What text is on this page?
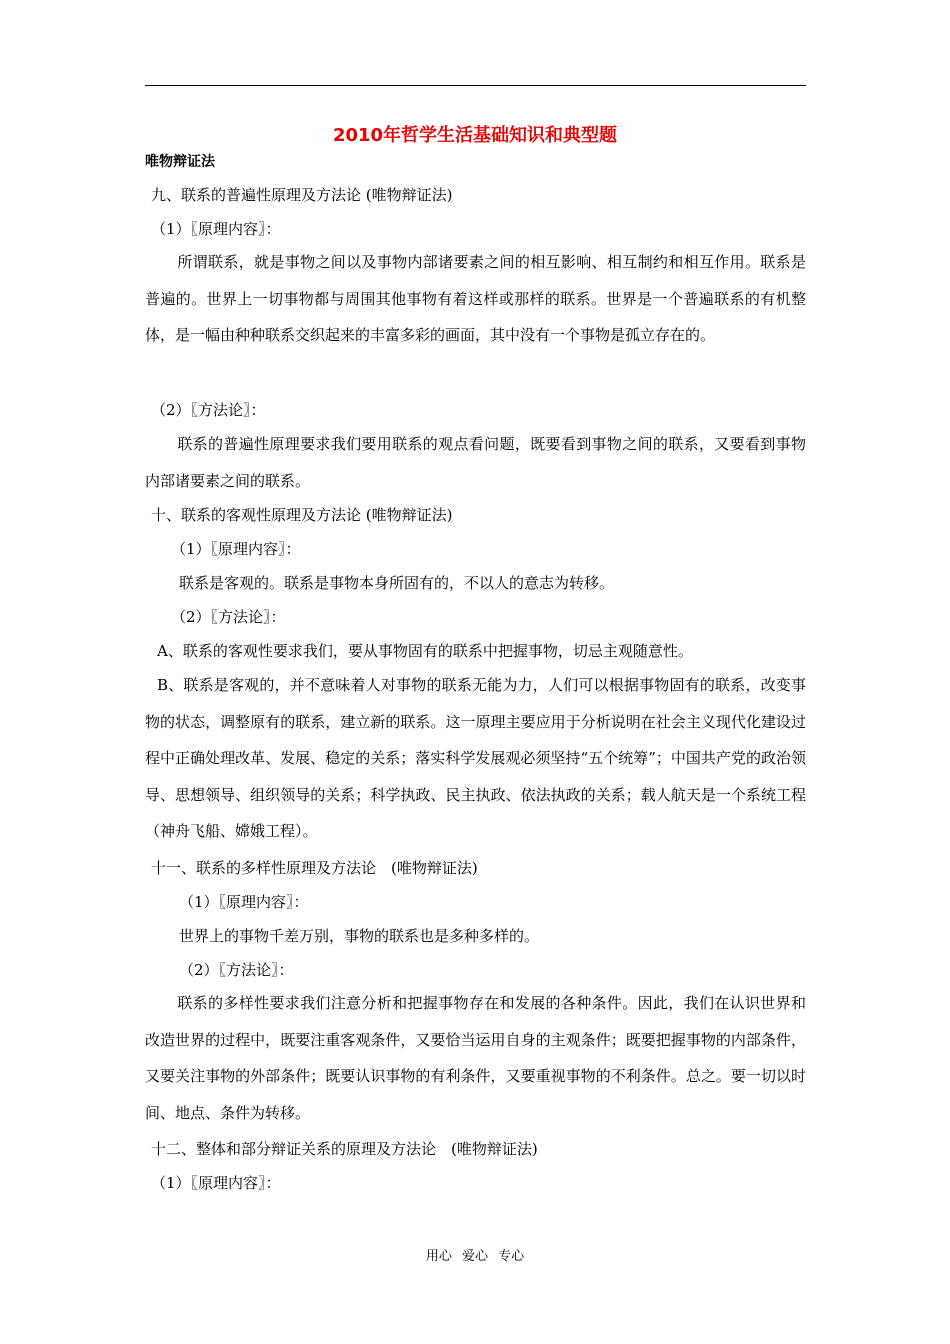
2010年哲学生活基础知识和典型题
唯物辩证法
九、联系的普遍性原理及方法论 (唯物辩证法)
（1）〖原理内容〗：
所谓联系，就是事物之间以及事物内部诸要素之间的相互影响、相互制约和相互作用。联系是普遍的。世界上一切事物都与周围其他事物有着这样或那样的联系。世界是一个普遍联系的有机整体，是一幅由种种联系交织起来的丰富多彩的画面，其中没有一个事物是孤立存在的。
（2）〖方法论〗：
联系的普遍性原理要求我们要用联系的观点看问题，既要看到事物之间的联系，又要看到事物内部诸要素之间的联系。
十、联系的客观性原理及方法论 (唯物辩证法)
（1）〖原理内容〗：
联系是客观的。联系是事物本身所固有的，不以人的意志为转移。
（2）〖方法论〗：
A、联系的客观性要求我们，要从事物固有的联系中把握事物，切忌主观随意性。
B、联系是客观的，并不意味着人对事物的联系无能为力，人们可以根据事物固有的联系，改变事物的状态，调整原有的联系，建立新的联系。这一原理主要应用于分析说明在社会主义现代化建设过程中正确处理改革、发展、稳定的关系；落实科学发展观必须坚持“五个统筹”；中国共产党的政治领导、思想领导、组织领导的关系；科学执政、民主执政、依法执政的关系；载人航天是一个系统工程（神舟飞船、嫦娥工程）。
十一、联系的多样性原理及方法论　(唯物辩证法)
（1）〖原理内容〗：
世界上的事物千差万别，事物的联系也是多种多样的。
（2）〖方法论〗：
联系的多样性要求我们注意分析和把握事物存在和发展的各种条件。因此，我们在认识世界和改造世界的过程中，既要注重客观条件，又要恰当运用自身的主观条件；既要把握事物的内部条件，又要关注事物的外部条件；既要认识事物的有利条件，又要重视事物的不利条件。总之。要一切以时间、地点、条件为转移。
十二、整体和部分辩证关系的原理及方法论　(唯物辩证法)
（1）〖原理内容〗：
用心 爱心 专心
